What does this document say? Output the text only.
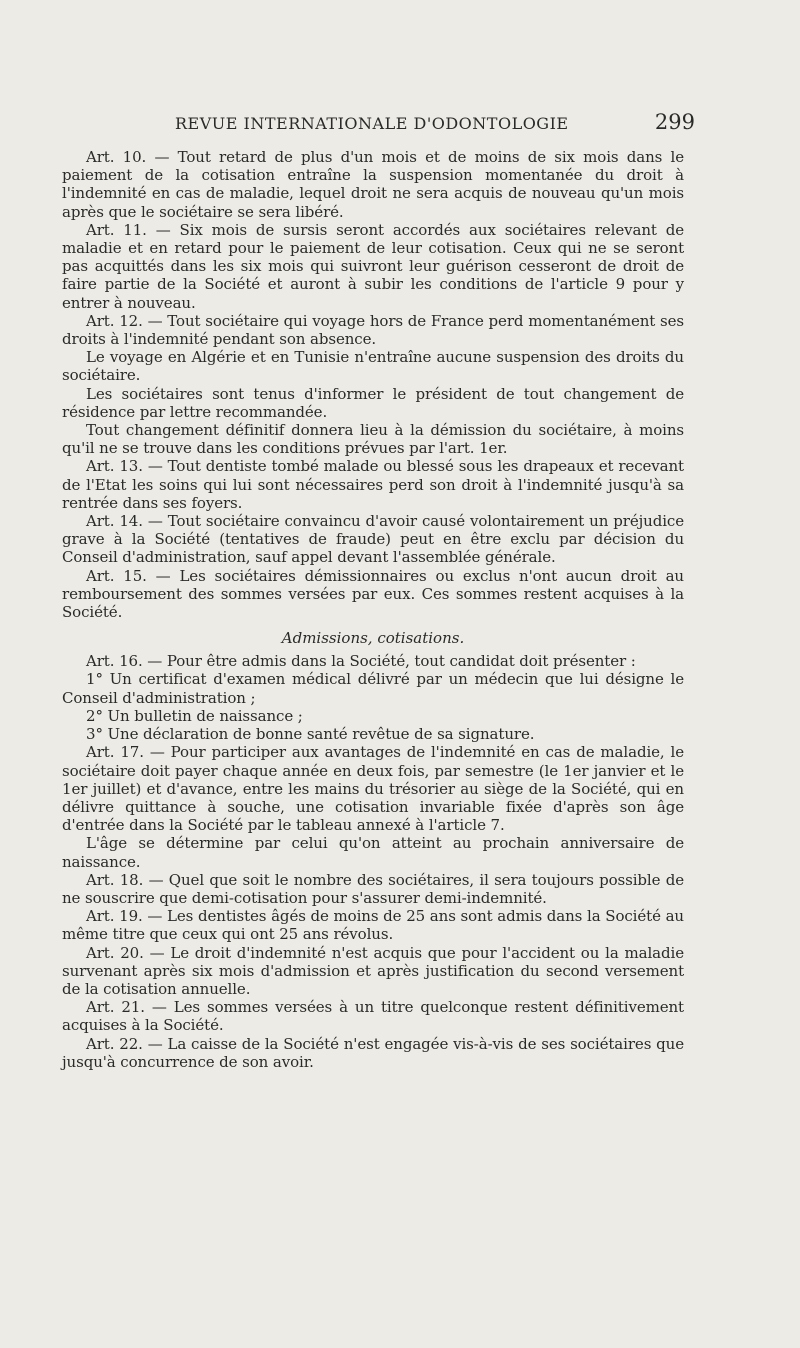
REVUE INTERNATIONALE D'ODONTOLOGIE	299

Art. 10. — Tout retard de plus d'un mois et de moins de six mois dans le paiement de la cotisation entraîne la suspension momentanée du droit à l'indemnité en cas de maladie, lequel droit ne sera acquis de nouveau qu'un mois après que le sociétaire se sera libéré.

Art. 11. — Six mois de sursis seront accordés aux sociétaires relevant de maladie et en retard pour le paiement de leur cotisation. Ceux qui ne se seront pas acquittés dans les six mois qui suivront leur guérison cesseront de droit de faire partie de la Société et auront à subir les conditions de l'article 9 pour y entrer à nouveau.

Art. 12. — Tout sociétaire qui voyage hors de France perd momentanément ses droits à l'indemnité pendant son absence.

Le voyage en Algérie et en Tunisie n'entraîne aucune suspension des droits du sociétaire.

Les sociétaires sont tenus d'informer le président de tout changement de résidence par lettre recommandée.

Tout changement définitif donnera lieu à la démission du sociétaire, à moins qu'il ne se trouve dans les conditions prévues par l'art. 1er.

Art. 13. — Tout dentiste tombé malade ou blessé sous les drapeaux et recevant de l'Etat les soins qui lui sont nécessaires perd son droit à l'indemnité jusqu'à sa rentrée dans ses foyers.

Art. 14. — Tout sociétaire convaincu d'avoir causé volontairement un préjudice grave à la Société (tentatives de fraude) peut en être exclu par décision du Conseil d'administration, sauf appel devant l'assemblée générale.

Art. 15. — Les sociétaires démissionnaires ou exclus n'ont aucun droit au remboursement des sommes versées par eux. Ces sommes restent acquises à la Société.

Admissions, cotisations.

Art. 16. — Pour être admis dans la Société, tout candidat doit présenter :

1° Un certificat d'examen médical délivré par un médecin que lui désigne le Conseil d'administration ;

2° Un bulletin de naissance ;

3° Une déclaration de bonne santé revêtue de sa signature.

Art. 17. — Pour participer aux avantages de l'indemnité en cas de maladie, le sociétaire doit payer chaque année en deux fois, par semestre (le 1er janvier et le 1er juillet) et d'avance, entre les mains du trésorier au siège de la Société, qui en délivre quittance à souche, une cotisation invariable fixée d'après son âge d'entrée dans la Société par le tableau annexé à l'article 7.

L'âge se détermine par celui qu'on atteint au prochain anniversaire de naissance.

Art. 18. — Quel que soit le nombre des sociétaires, il sera toujours possible de ne souscrire que demi-cotisation pour s'assurer demi-indemnité.

Art. 19. — Les dentistes âgés de moins de 25 ans sont admis dans la Société au même titre que ceux qui ont 25 ans révolus.

Art. 20. — Le droit d'indemnité n'est acquis que pour l'accident ou la maladie survenant après six mois d'admission et après justification du second versement de la cotisation annuelle.

Art. 21. — Les sommes versées à un titre quelconque restent définitivement acquises à la Société.

Art. 22. — La caisse de la Société n'est engagée vis-à-vis de ses sociétaires que jusqu'à concurrence de son avoir.
